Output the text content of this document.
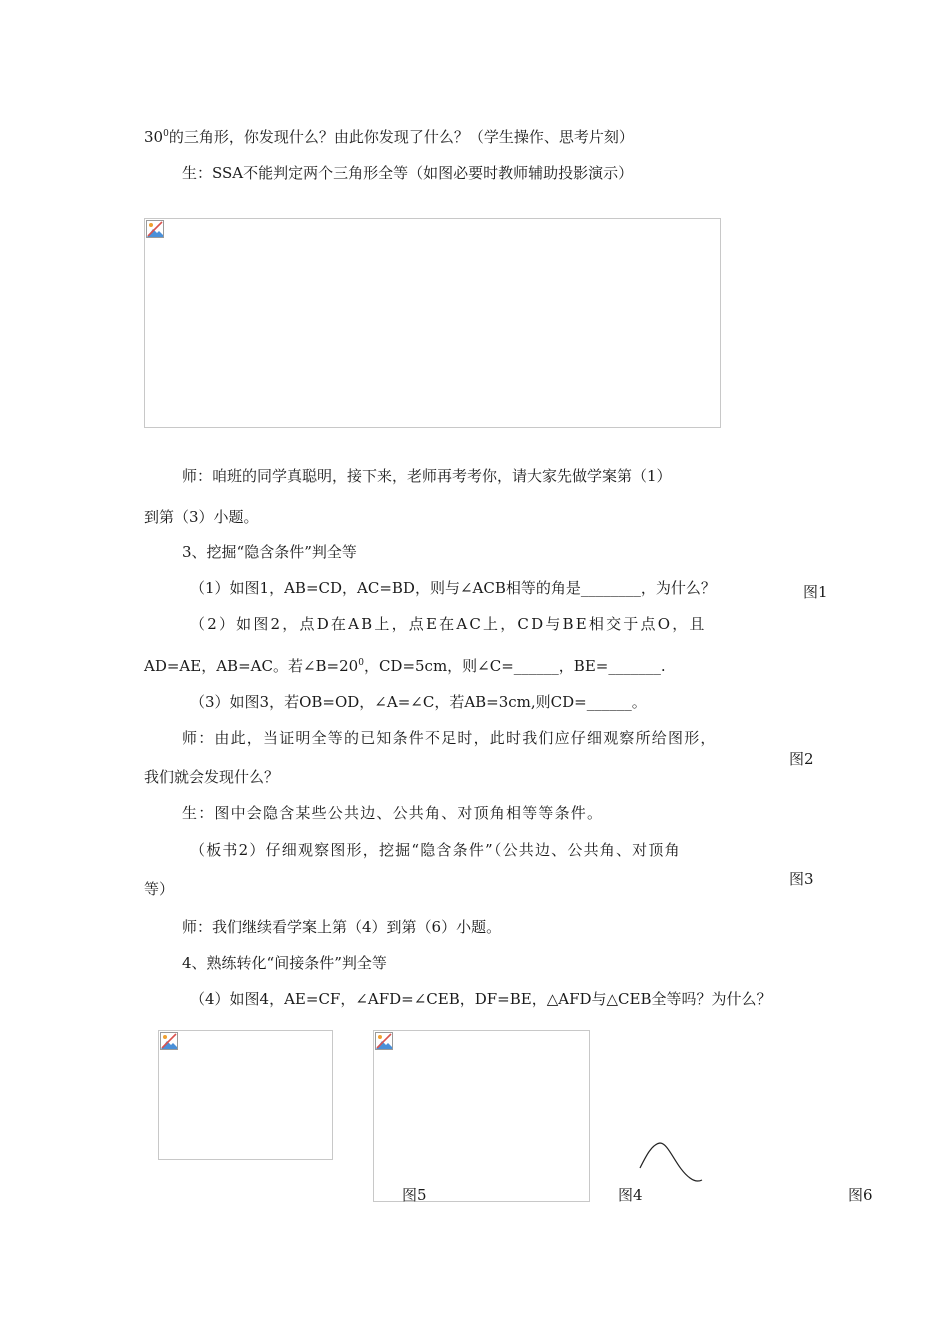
$30^0$的三角形，你发现什么？由此你发现了什么？（学生操作、思考片刻）
生：SSA不能判定两个三角形全等（如图必要时教师辅助投影演示）
师：咱班的同学真聪明，接下来，老师再考考你，请大家先做学案第（1）
到第（3）小题。
3、挖掘“隐含条件”判全等
（1）如图1，AB=CD，AC=BD，则与∠ACB相等的角是________，为什么？
（2）如图2，点D在AB上，点E在AC上，CD与BE相交于点O，且
AD=AE，AB=AC。若$\angle B=20^0$，CD=5cm，则∠C=______，BE=_______.
（3）如图3，若OB=OD，∠A=∠C，若AB=3cm,则CD=______。
师：由此，当证明全等的已知条件不足时，此时我们应仔细观察所给图形，
我们就会发现什么？
生：图中会隐含某些公共边、公共角、对顶角相等等条件。
（板书2）仔细观察图形，挖掘“隐含条件”（公共边、公共角、对顶角
等）
师：我们继续看学案上第（4）到第（6）小题。
4、熟练转化“间接条件”判全等
（4）如图4，AE=CF，∠AFD=∠CEB，DF=BE，△AFD与△CEB全等吗？为什么？
图1
图2
图3
图5	图4	图6
